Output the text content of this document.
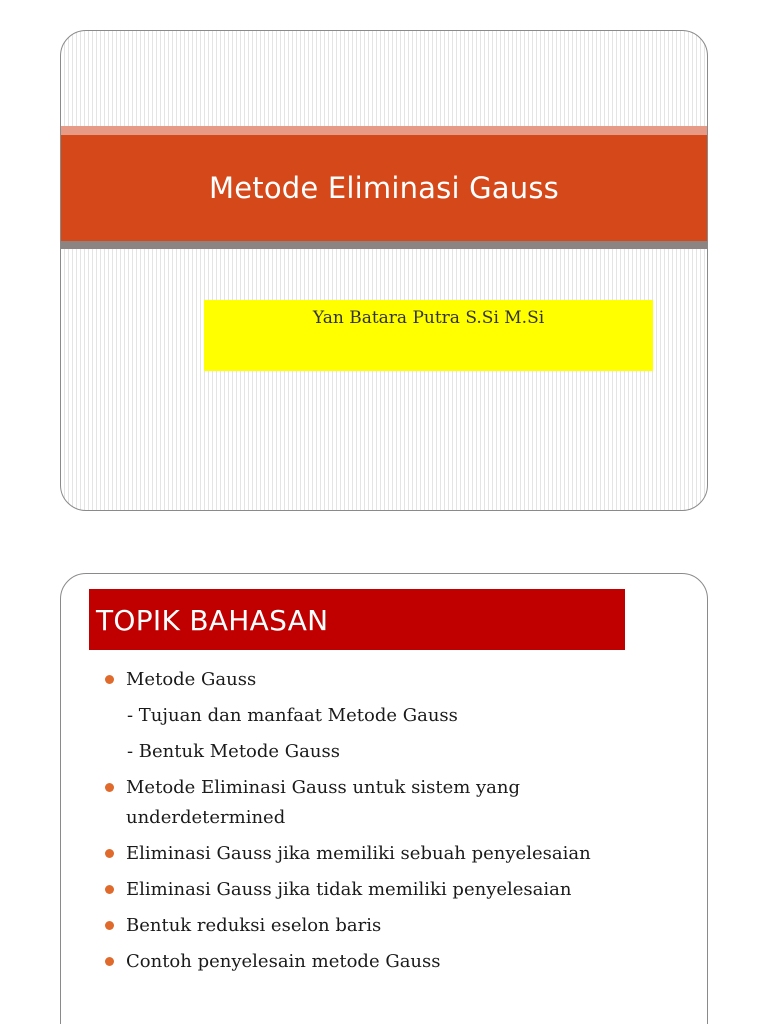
Metode Eliminasi Gauss
Yan Batara Putra S.Si M.Si
TOPIK BAHASAN
Metode Gauss
- Tujuan dan manfaat Metode Gauss
- Bentuk Metode Gauss
Metode Eliminasi Gauss untuk sistem yang
underdetermined
Eliminasi Gauss jika memiliki sebuah penyelesaian
Eliminasi Gauss jika tidak memiliki penyelesaian
Bentuk reduksi eselon baris
Contoh penyelesain metode Gauss
